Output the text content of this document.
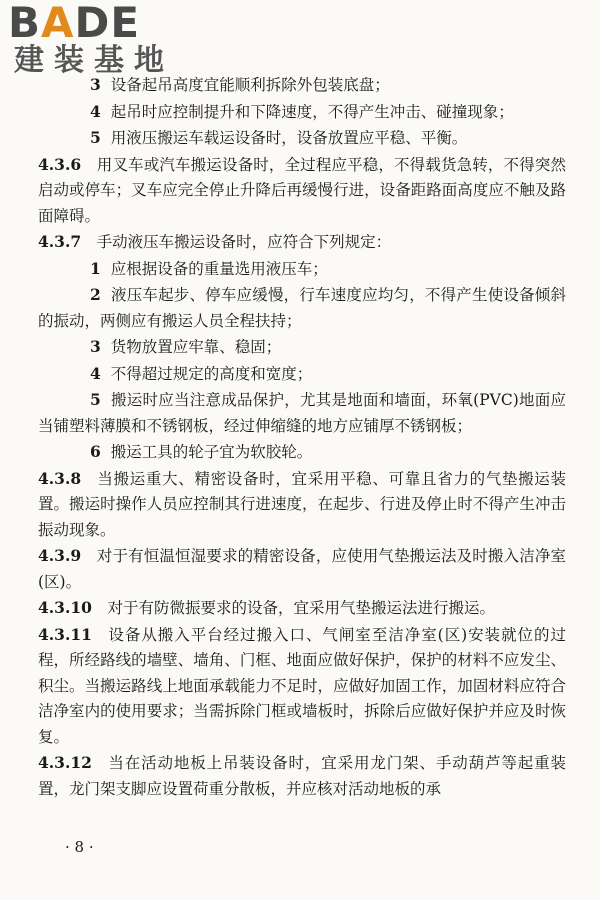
BADE
建装基地

3 设备起吊高度宜能顺利拆除外包装底盘；

4 起吊时应控制提升和下降速度，不得产生冲击、碰撞现象；

5 用液压搬运车载运设备时，设备放置应平稳、平衡。

4.3.6  用叉车或汽车搬运设备时，全过程应平稳，不得载货急转，不得突然启动或停车；叉车应完全停止升降后再缓慢行进，设备距路面高度应不触及路面障碍。

4.3.7  手动液压车搬运设备时，应符合下列规定：

1 应根据设备的重量选用液压车；

2 液压车起步、停车应缓慢，行车速度应均匀，不得产生使设备倾斜的振动，两侧应有搬运人员全程扶持；

3 货物放置应牢靠、稳固；

4 不得超过规定的高度和宽度；

5 搬运时应当注意成品保护，尤其是地面和墙面，环氧(PVC)地面应当铺塑料薄膜和不锈钢板，经过伸缩缝的地方应铺厚不锈钢板；

6 搬运工具的轮子宜为软胶轮。

4.3.8  当搬运重大、精密设备时，宜采用平稳、可靠且省力的气垫搬运装置。搬运时操作人员应控制其行进速度，在起步、行进及停止时不得产生冲击振动现象。

4.3.9  对于有恒温恒湿要求的精密设备，应使用气垫搬运法及时搬入洁净室(区)。

4.3.10  对于有防微振要求的设备，宜采用气垫搬运法进行搬运。

4.3.11  设备从搬入平台经过搬入口、气闸室至洁净室(区)安装就位的过程，所经路线的墙壁、墙角、门框、地面应做好保护，保护的材料不应发尘、积尘。当搬运路线上地面承载能力不足时，应做好加固工作，加固材料应符合洁净室内的使用要求；当需拆除门框或墙板时，拆除后应做好保护并应及时恢复。

4.3.12  当在活动地板上吊装设备时，宜采用龙门架、手动葫芦等起重装置，龙门架支脚应设置荷重分散板，并应核对活动地板的承

· 8 ·
